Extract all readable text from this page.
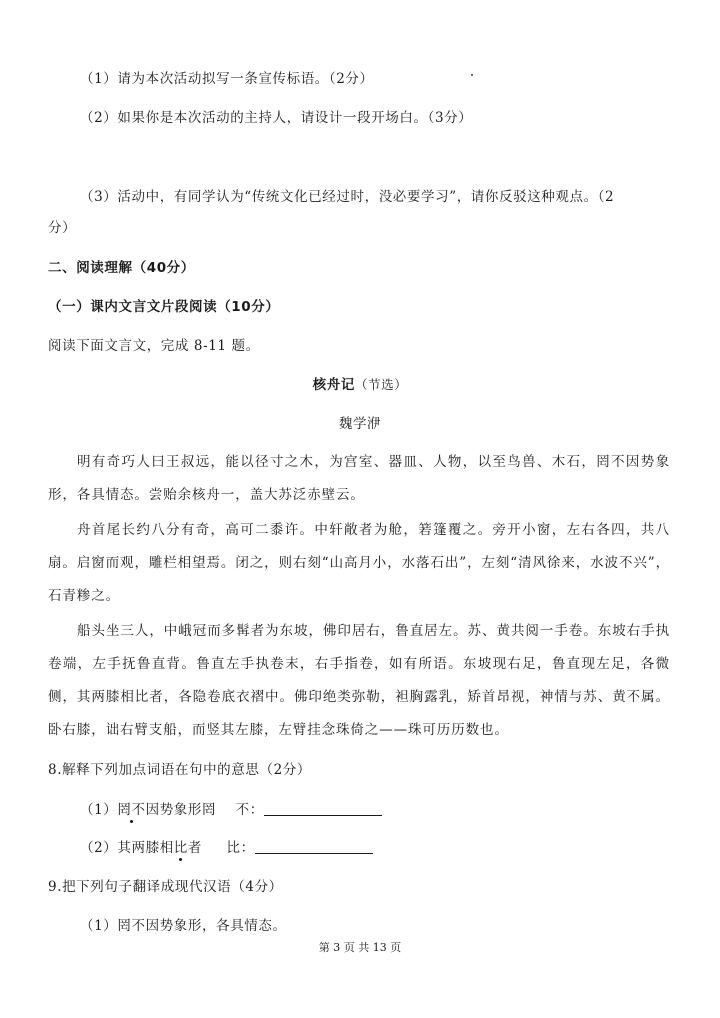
（1）请为本次活动拟写一条宣传标语。（2分）
（2）如果你是本次活动的主持人，请设计一段开场白。（3分）
（3）活动中，有同学认为“传统文化已经过时，没必要学习”，请你反驳这种观点。（2
分）
二、阅读理解（40分）
（一）课内文言文片段阅读（10分）
阅读下面文言文，完成 8-11 题。
核舟记（节选）
魏学洢
明有奇巧人曰王叔远，能以径寸之木，为宫室、器皿、人物，以至鸟兽、木石，罔不因势象形，各具情态。尝贻余核舟一，盖大苏泛赤壁云。
舟首尾长约八分有奇，高可二黍许。中轩敞者为舱，箬篷覆之。旁开小窗，左右各四，共八扇。启窗而观，雕栏相望焉。闭之，则右刻“山高月小，水落石出”，左刻“清风徐来，水波不兴”，石青糁之。
船头坐三人，中峨冠而多髯者为东坡，佛印居右，鲁直居左。苏、黄共阅一手卷。东坡右手执卷端，左手抚鲁直背。鲁直左手执卷末，右手指卷，如有所语。东坡现右足，鲁直现左足，各微侧，其两膝相比者，各隐卷底衣褶中。佛印绝类弥勒，袒胸露乳，矫首昂视，神情与苏、黄不属。卧右膝，诎右臂支船，而竖其左膝，左臂挂念珠倚之——珠可历历数也。
8.解释下列加点词语在句中的意思（2分）
（1）罔不因势象形罔 不：
（2）其两膝相比者 比：
9.把下列句子翻译成现代汉语（4分）
（1）罔不因势象形，各具情态。
第 3 页 共 13 页
